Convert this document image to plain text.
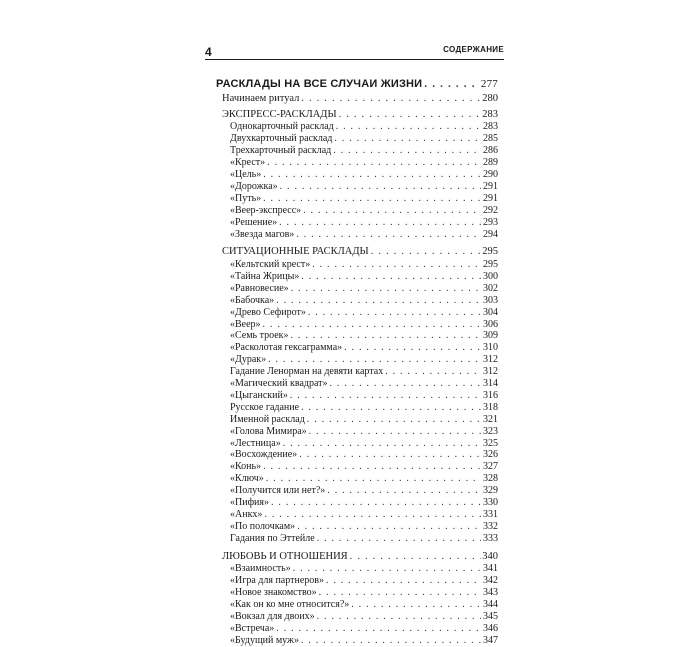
4	СОДЕРЖАНИЕ
РАСКЛАДЫ НА ВСЕ СЛУЧАИ ЖИЗНИ . . .	277
Начинаем ритуал . . .	280
ЭКСПРЕСС-РАСКЛАДЫ . . .	283
Однокарточный расклад . . .	283
Двухкарточный расклад . . .	285
Трехкарточный расклад . . .	286
«Крест» . . .	289
«Цель» . . .	290
«Дорожка» . . .	291
«Путь» . . .	291
«Веер-экспресс» . . .	292
«Решение» . . .	293
«Звезда магов» . . .	294
СИТУАЦИОННЫЕ РАСКЛАДЫ . . .	295
«Кельтский крест» . . .	295
«Тайна Жрицы» . . .	300
«Равновесие» . . .	302
«Бабочка» . . .	303
«Древо Сефирот» . . .	304
«Веер» . . .	306
«Семь троек» . . .	309
«Расколотая гексаграмма» . . .	310
«Дурак» . . .	312
Гадание Ленорман на девяти картах . . .	312
«Магический квадрат» . . .	314
«Цыганский» . . .	316
Русское гадание . . .	318
Именной расклад . . .	321
«Голова Мимира» . . .	323
«Лестница» . . .	325
«Восхождение» . . .	326
«Конь» . . .	327
«Ключ» . . .	328
«Получится или нет?» . . .	329
«Пифия» . . .	330
«Анкх» . . .	331
«По полочкам» . . .	332
Гадания по Эттейле . . .	333
ЛЮБОВЬ И ОТНОШЕНИЯ . . .	340
«Взаимность» . . .	341
«Игра для партнеров» . . .	342
«Новое знакомство» . . .	343
«Как он ко мне относится?» . . .	344
«Вокзал для двоих» . . .	345
«Встреча» . . .	346
«Будущий муж» . . .	347
